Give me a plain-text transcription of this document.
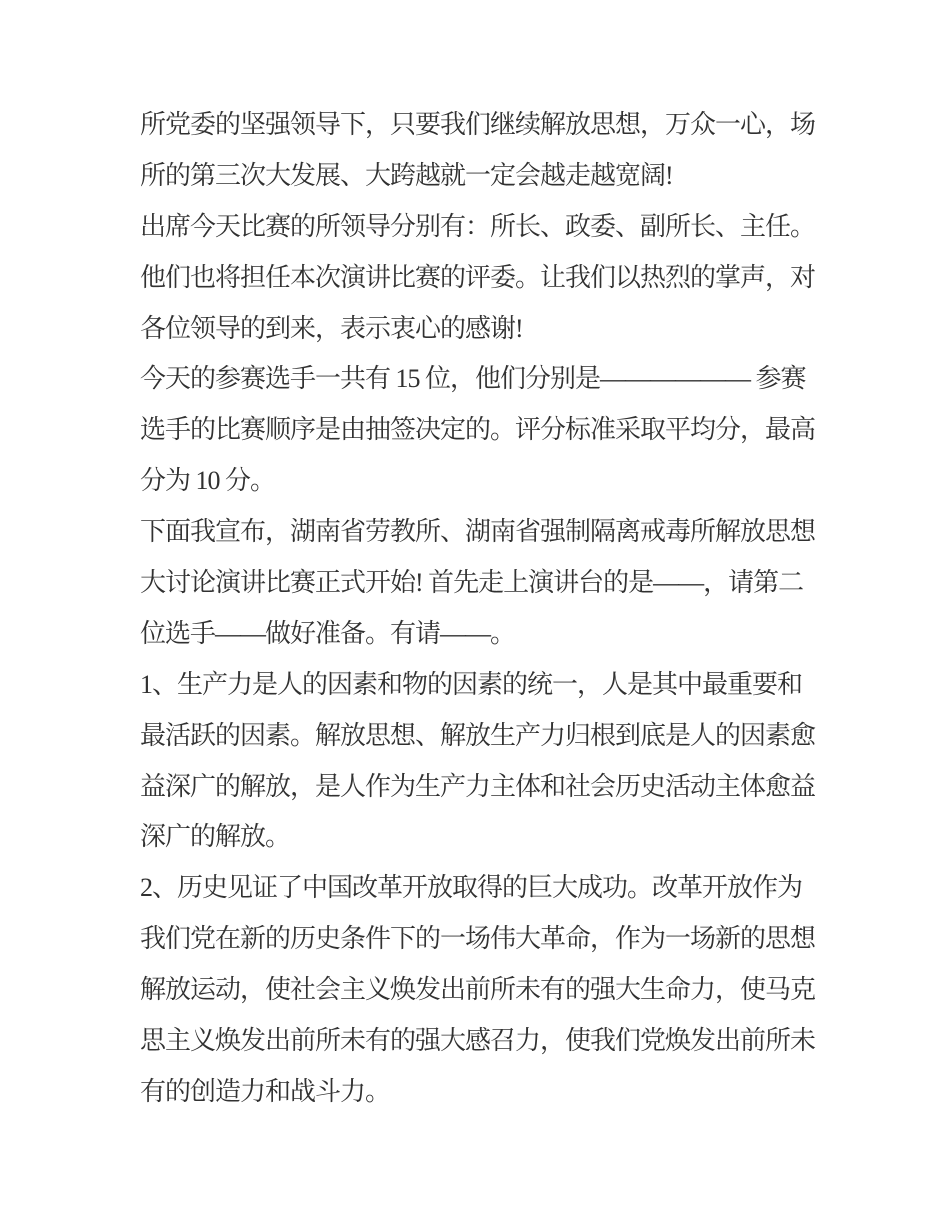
所党委的坚强领导下，只要我们继续解放思想，万众一心，场
所的第三次大发展、大跨越就一定会越走越宽阔!
出席今天比赛的所领导分别有：所长、政委、副所长、主任。
他们也将担任本次演讲比赛的评委。让我们以热烈的掌声，对
各位领导的到来，表示衷心的感谢!
今天的参赛选手一共有 15 位，他们分别是—————— 参赛
选手的比赛顺序是由抽签决定的。评分标准采取平均分，最高
分为 10 分。
下面我宣布，湖南省劳教所、湖南省强制隔离戒毒所解放思想
大讨论演讲比赛正式开始! 首先走上演讲台的是——，请第二
位选手——做好准备。有请——。
1、生产力是人的因素和物的因素的统一，人是其中最重要和
最活跃的因素。解放思想、解放生产力归根到底是人的因素愈
益深广的解放，是人作为生产力主体和社会历史活动主体愈益
深广的解放。
2、历史见证了中国改革开放取得的巨大成功。改革开放作为
我们党在新的历史条件下的一场伟大革命，作为一场新的思想
解放运动，使社会主义焕发出前所未有的强大生命力，使马克
思主义焕发出前所未有的强大感召力，使我们党焕发出前所未
有的创造力和战斗力。
